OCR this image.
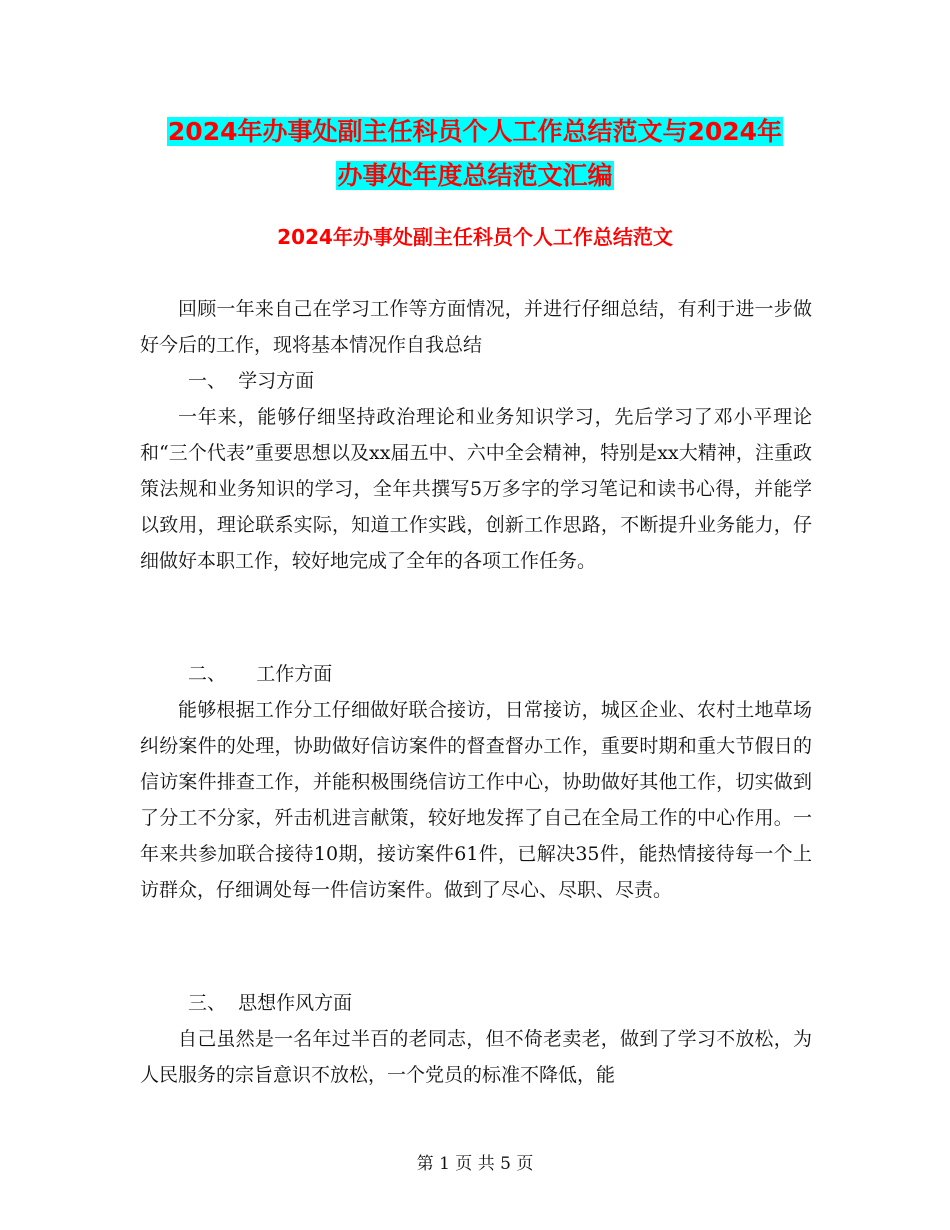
2024年办事处副主任科员个人工作总结范文与2024年
办事处年度总结范文汇编
2024年办事处副主任科员个人工作总结范文

回顾一年来自己在学习工作等方面情况，并进行仔细总结，有利于进一步做好今后的工作，现将基本情况作自我总结

一、  学习方面

一年来，能够仔细坚持政治理论和业务知识学习，先后学习了邓小平理论和“三个代表”重要思想以及xx届五中、六中全会精神，特别是xx大精神，注重政策法规和业务知识的学习，全年共撰写5万多字的学习笔记和读书心得，并能学以致用，理论联系实际，知道工作实践，创新工作思路，不断提升业务能力，仔细做好本职工作，较好地完成了全年的各项工作任务。

二、     工作方面

能够根据工作分工仔细做好联合接访，日常接访，城区企业、农村土地草场纠纷案件的处理，协助做好信访案件的督查督办工作，重要时期和重大节假日的信访案件排查工作，并能积极围绕信访工作中心，协助做好其他工作，切实做到了分工不分家，歼击机进言献策，较好地发挥了自己在全局工作的中心作用。一年来共参加联合接待10期，接访案件61件，已解决35件，能热情接待每一个上访群众，仔细调处每一件信访案件。做到了尽心、尽职、尽责。

三、  思想作风方面

自己虽然是一名年过半百的老同志，但不倚老卖老，做到了学习不放松，为人民服务的宗旨意识不放松，一个党员的标准不降低，能

第 1 页 共 5 页
